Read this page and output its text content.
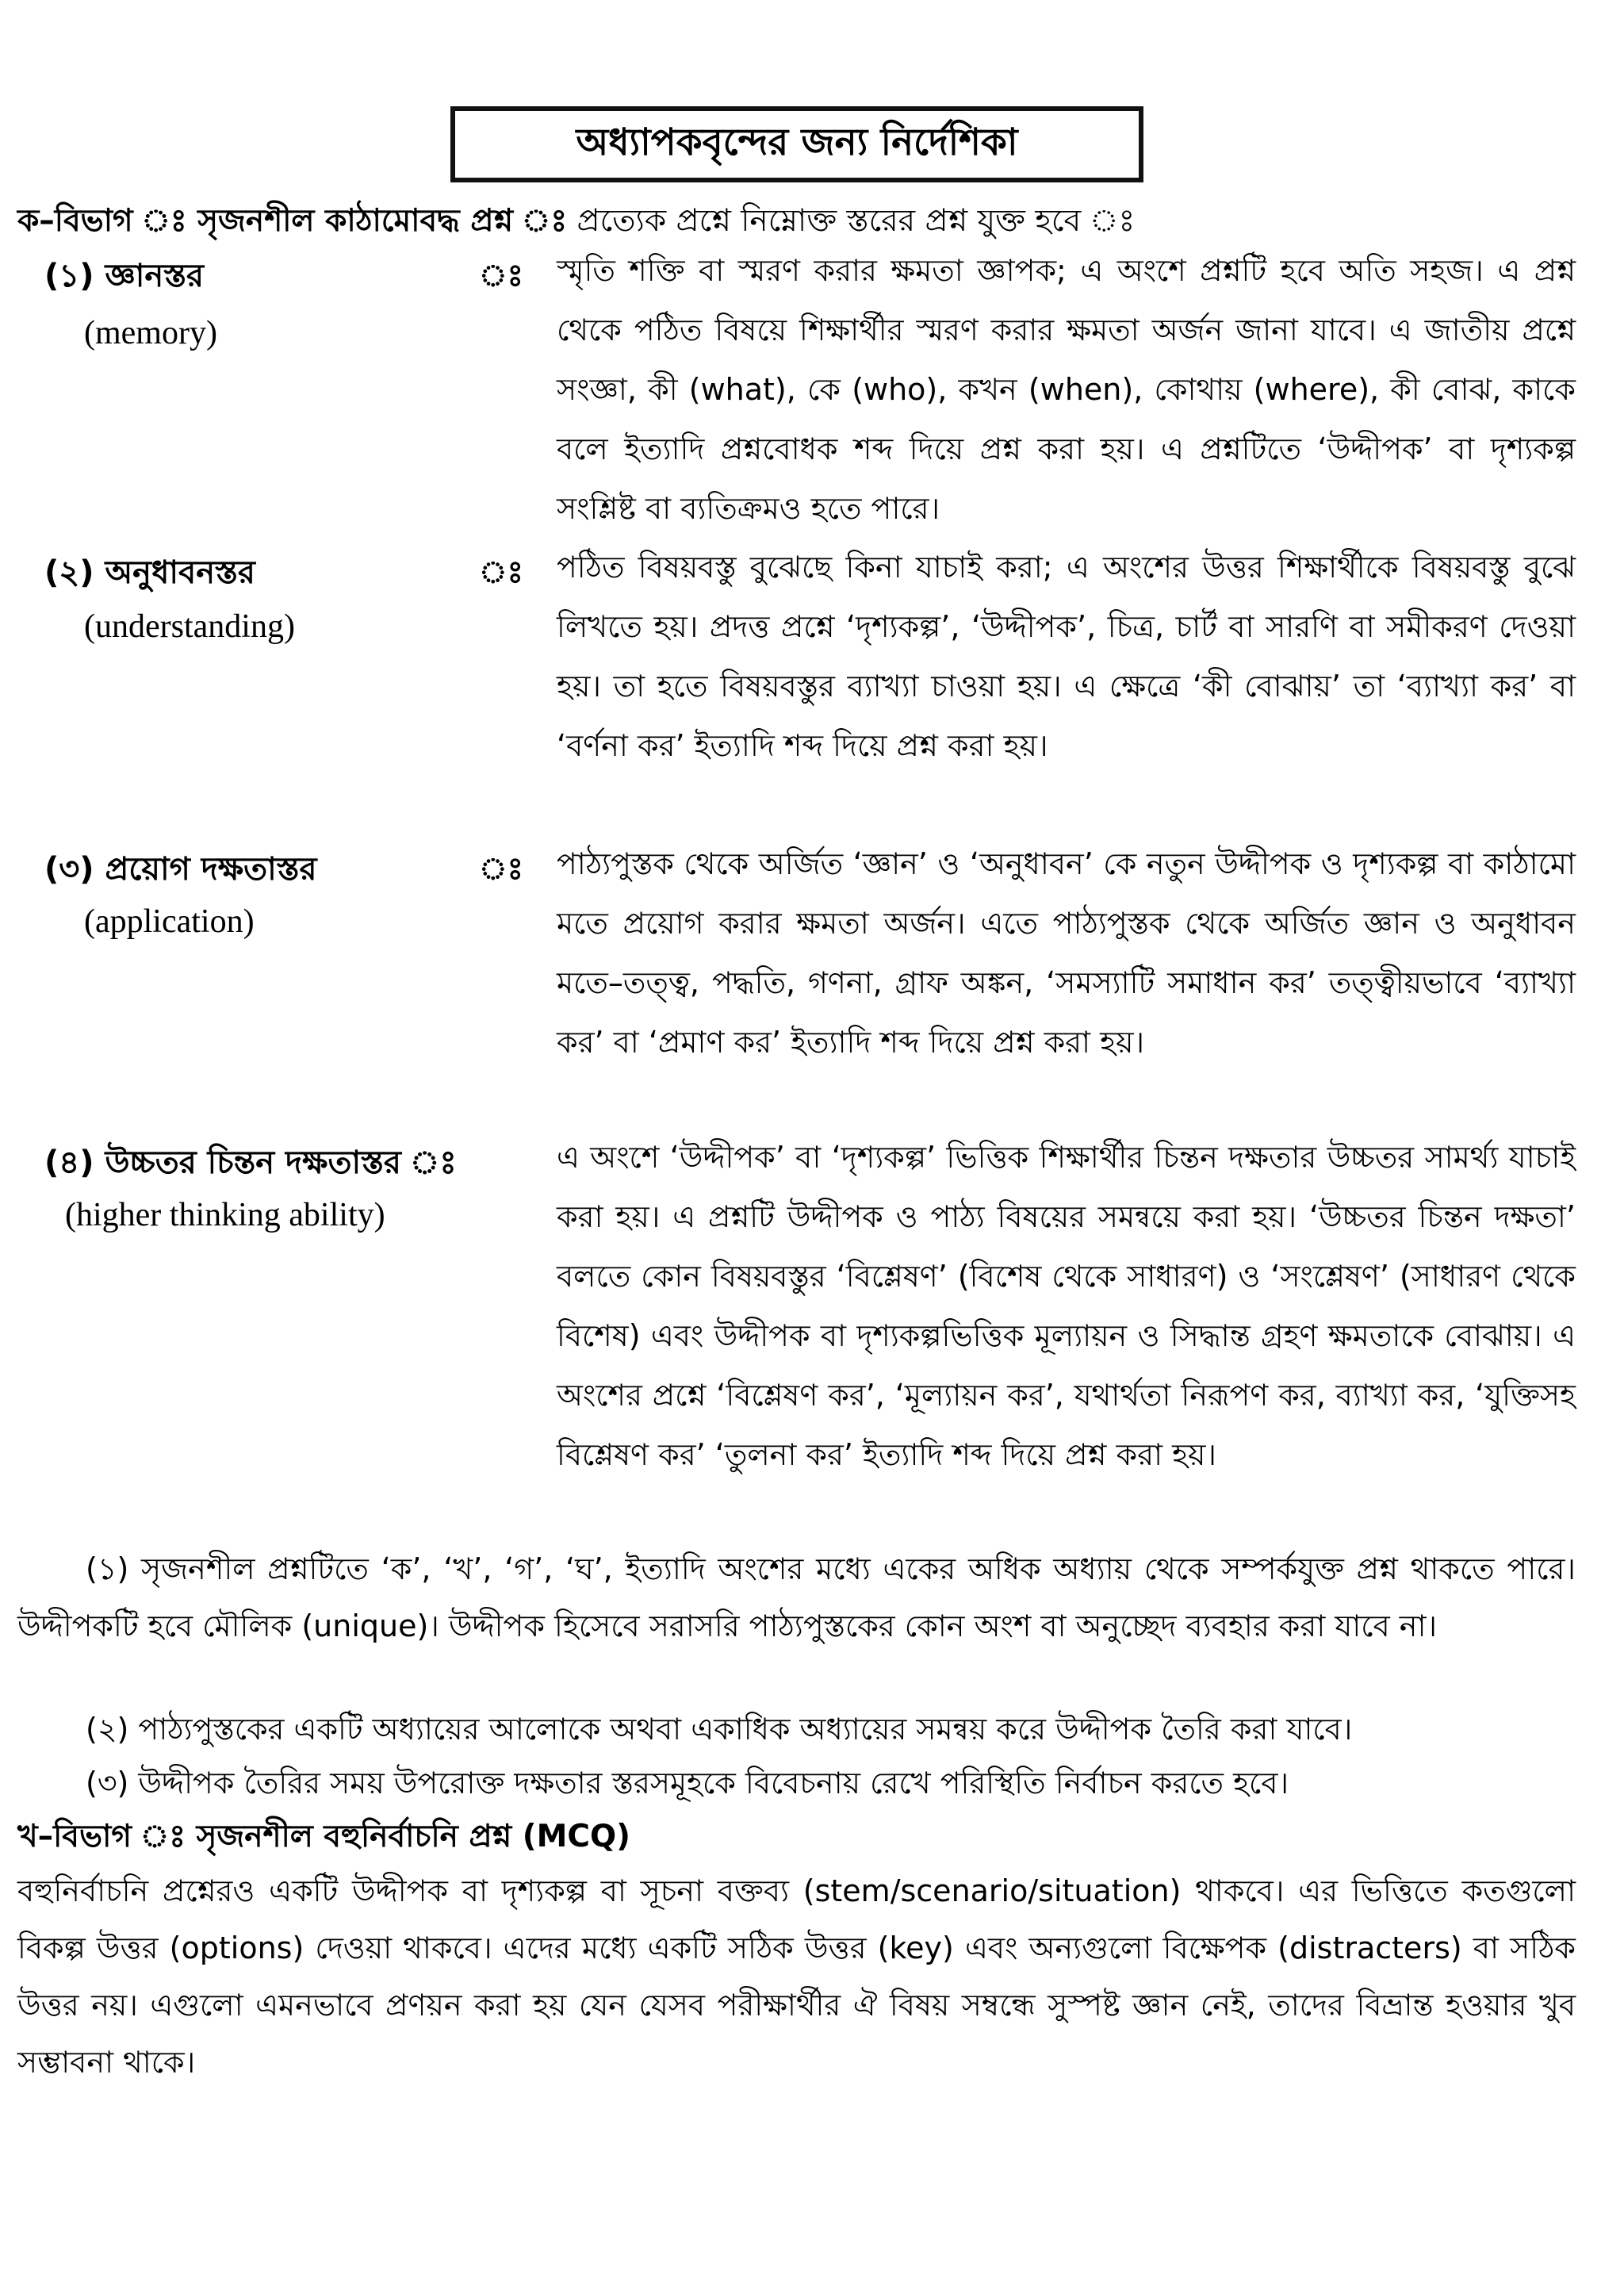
অধ্যাপকবৃন্দের জন্য নির্দেশিকা
ক–বিভাগ ঃ সৃজনশীল কাঠামোবদ্ধ প্রশ্ন ঃ প্রত্যেক প্রশ্নে নিম্নোক্ত স্তরের প্রশ্ন যুক্ত হবে ঃ
(১) জ্ঞানস্তর
(memory)
ঃ স্মৃতি শক্তি বা স্মরণ করার ক্ষমতা জ্ঞাপক; এ অংশে প্রশ্নটি হবে অতি সহজ। এ প্রশ্ন থেকে পঠিত বিষয়ে শিক্ষার্থীর স্মরণ করার ক্ষমতা অর্জন জানা যাবে। এ জাতীয় প্রশ্নে সংজ্ঞা, কী (what), কে (who), কখন (when), কোথায় (where), কী বোঝ, কাকে বলে ইত্যাদি প্রশ্নবোধক শব্দ দিয়ে প্রশ্ন করা হয়। এ প্রশ্নটিতে ‘উদ্দীপক’ বা দৃশ্যকল্প সংশ্লিষ্ট বা ব্যতিক্রমও হতে পারে।
(২) অনুধাবনস্তর
(understanding)
ঃ পঠিত বিষয়বস্তু বুঝেছে কিনা যাচাই করা; এ অংশের উত্তর শিক্ষার্থীকে বিষয়বস্তু বুঝে লিখতে হয়। প্রদত্ত প্রশ্নে ‘দৃশ্যকল্প’, ‘উদ্দীপক’, চিত্র, চার্ট বা সারণি বা সমীকরণ দেওয়া হয়। তা হতে বিষয়বস্তুর ব্যাখ্যা চাওয়া হয়। এ ক্ষেত্রে ‘কী বোঝায়’ তা ‘ব্যাখ্যা কর’ বা ‘বর্ণনা কর’ ইত্যাদি শব্দ দিয়ে প্রশ্ন করা হয়।
(৩) প্রয়োগ দক্ষতাস্তর
(application)
ঃ পাঠ্যপুস্তক থেকে অর্জিত ‘জ্ঞান’ ও ‘অনুধাবন’ কে নতুন উদ্দীপক ও দৃশ্যকল্প বা কাঠামো মতে প্রয়োগ করার ক্ষমতা অর্জন। এতে পাঠ্যপুস্তক থেকে অর্জিত জ্ঞান ও অনুধাবন মতে–তত্ত্ব, পদ্ধতি, গণনা, গ্রাফ অঙ্কন, ‘সমস্যাটি সমাধান কর’ তত্ত্বীয়ভাবে ‘ব্যাখ্যা কর’ বা ‘প্রমাণ কর’ ইত্যাদি শব্দ দিয়ে প্রশ্ন করা হয়।
(৪) উচ্চতর চিন্তন দক্ষতাস্তর ঃ
(higher thinking ability)
এ অংশে ‘উদ্দীপক’ বা ‘দৃশ্যকল্প’ ভিত্তিক শিক্ষার্থীর চিন্তন দক্ষতার উচ্চতর সামর্থ্য যাচাই করা হয়। এ প্রশ্নটি উদ্দীপক ও পাঠ্য বিষয়ের সমন্বয়ে করা হয়। ‘উচ্চতর চিন্তন দক্ষতা’ বলতে কোন বিষয়বস্তুর ‘বিশ্লেষণ’ (বিশেষ থেকে সাধারণ) ও ‘সংশ্লেষণ’ (সাধারণ থেকে বিশেষ) এবং উদ্দীপক বা দৃশ্যকল্পভিত্তিক মূল্যায়ন ও সিদ্ধান্ত গ্রহণ ক্ষমতাকে বোঝায়। এ অংশের প্রশ্নে ‘বিশ্লেষণ কর’, ‘মূল্যায়ন কর’, যথার্থতা নিরূপণ কর, ব্যাখ্যা কর, ‘যুক্তিসহ বিশ্লেষণ কর’ ‘তুলনা কর’ ইত্যাদি শব্দ দিয়ে প্রশ্ন করা হয়।
(১) সৃজনশীল প্রশ্নটিতে ‘ক’, ‘খ’, ‘গ’, ‘ঘ’, ইত্যাদি অংশের মধ্যে একের অধিক অধ্যায় থেকে সম্পর্কযুক্ত প্রশ্ন থাকতে পারে। উদ্দীপকটি হবে মৌলিক (unique)। উদ্দীপক হিসেবে সরাসরি পাঠ্যপুস্তকের কোন অংশ বা অনুচ্ছেদ ব্যবহার করা যাবে না।
(২) পাঠ্যপুস্তকের একটি অধ্যায়ের আলোকে অথবা একাধিক অধ্যায়ের সমন্বয় করে উদ্দীপক তৈরি করা যাবে।
(৩) উদ্দীপক তৈরির সময় উপরোক্ত দক্ষতার স্তরসমূহকে বিবেচনায় রেখে পরিস্থিতি নির্বাচন করতে হবে।
খ–বিভাগ ঃ সৃজনশীল বহুনির্বাচনি প্রশ্ন (MCQ)
বহুনির্বাচনি প্রশ্নেরও একটি উদ্দীপক বা দৃশ্যকল্প বা সূচনা বক্তব্য (stem/scenario/situation) থাকবে। এর ভিত্তিতে কতগুলো বিকল্প উত্তর (options) দেওয়া থাকবে। এদের মধ্যে একটি সঠিক উত্তর (key) এবং অন্যগুলো বিক্ষেপক (distracters) বা সঠিক উত্তর নয়। এগুলো এমনভাবে প্রণয়ন করা হয় যেন যেসব পরীক্ষার্থীর ঐ বিষয় সম্বন্ধে সুস্পষ্ট জ্ঞান নেই, তাদের বিভ্রান্ত হওয়ার খুব সম্ভাবনা থাকে।
